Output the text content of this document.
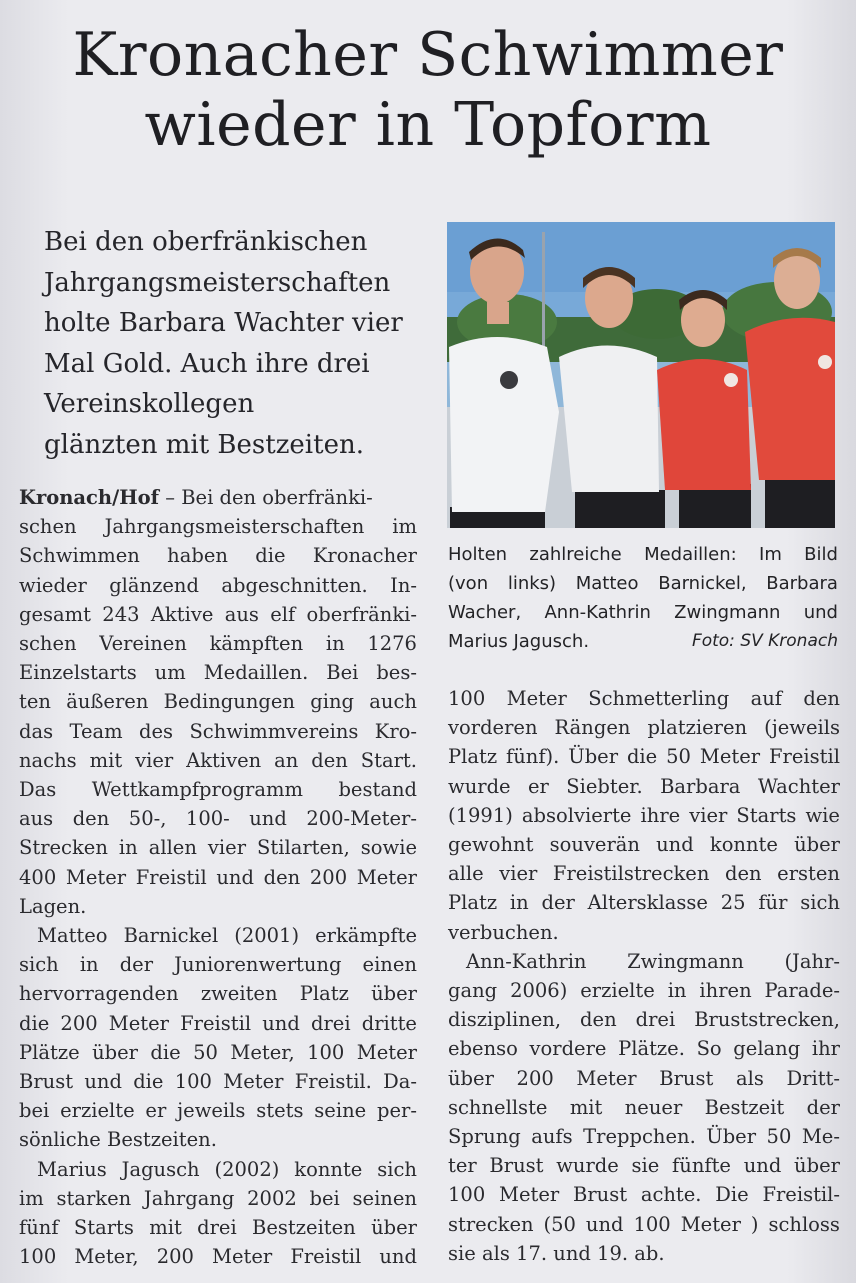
Kronacher Schwimmer
wieder in Topform
Bei den oberfränkischen
Jahrgangsmeisterschaften
holte Barbara Wachter vier
Mal Gold. Auch ihre drei
Vereinskollegen
glänzten mit Bestzeiten.
Holten zahlreiche Medaillen: Im Bild
(von links) Matteo Barnickel, Barbara
Wacher, Ann-Kathrin Zwingmann und
Marius Jagusch.	Foto: SV Kronach
Kronach/Hof – Bei den oberfränki-
schen Jahrgangsmeisterschaften im
Schwimmen haben die Kronacher
wieder glänzend abgeschnitten. In-
gesamt 243 Aktive aus elf oberfränki-
schen Vereinen kämpften in 1276
Einzelstarts um Medaillen. Bei bes-
ten äußeren Bedingungen ging auch
das Team des Schwimmvereins Kro-
nachs mit vier Aktiven an den Start.
Das Wettkampfprogramm bestand
aus den 50-, 100- und 200-Meter-
Strecken in allen vier Stilarten, sowie
400 Meter Freistil und den 200 Meter
Lagen.
Matteo Barnickel (2001) erkämpfte
sich in der Juniorenwertung einen
hervorragenden zweiten Platz über
die 200 Meter Freistil und drei dritte
Plätze über die 50 Meter, 100 Meter
Brust und die 100 Meter Freistil. Da-
bei erzielte er jeweils stets seine per-
sönliche Bestzeiten.
Marius Jagusch (2002) konnte sich
im starken Jahrgang 2002 bei seinen
fünf Starts mit drei Bestzeiten über
100 Meter, 200 Meter Freistil und
100 Meter Schmetterling auf den
vorderen Rängen platzieren (jeweils
Platz fünf). Über die 50 Meter Freistil
wurde er Siebter. Barbara Wachter
(1991) absolvierte ihre vier Starts wie
gewohnt souverän und konnte über
alle vier Freistilstrecken den ersten
Platz in der Altersklasse 25 für sich
verbuchen.
Ann-Kathrin Zwingmann (Jahr-
gang 2006) erzielte in ihren Parade-
disziplinen, den drei Bruststrecken,
ebenso vordere Plätze. So gelang ihr
über 200 Meter Brust als Dritt-
schnellste mit neuer Bestzeit der
Sprung aufs Treppchen. Über 50 Me-
ter Brust wurde sie fünfte und über
100 Meter Brust achte. Die Freistil-
strecken (50 und 100 Meter ) schloss
sie als 17. und 19. ab.
